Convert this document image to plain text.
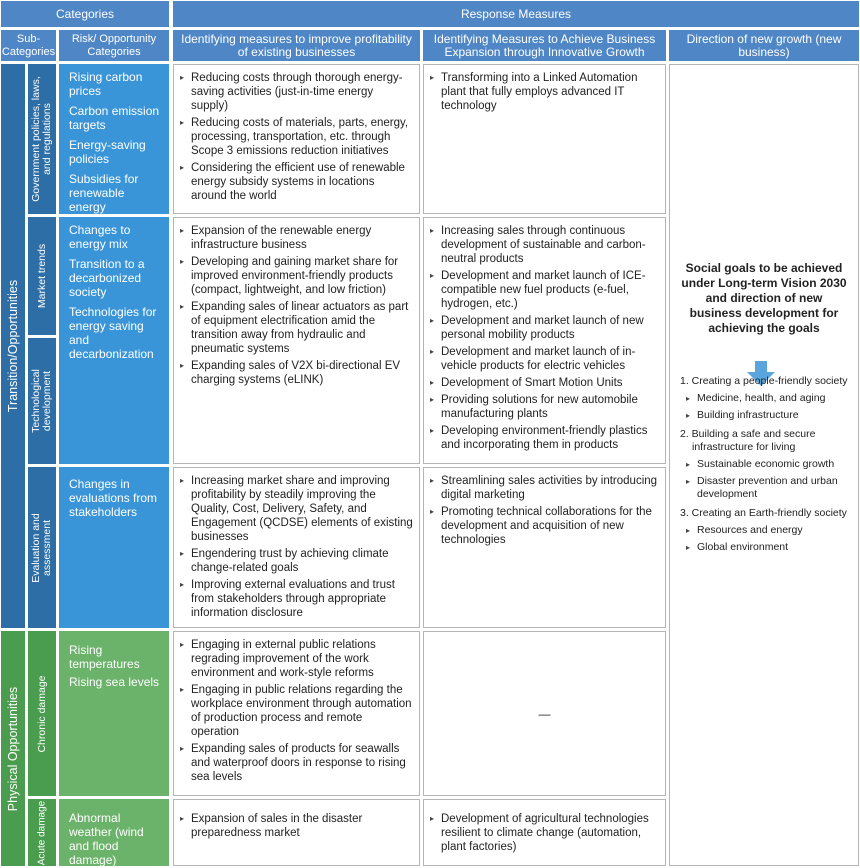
Categories	Response Measures
Sub-Categories
Risk/ Opportunity Categories
Identifying measures to improve profitability of existing businesses
Identifying Measures to Achieve Business Expansion through Innovative Growth
Direction of new growth (new business)
Transition/Opportunities
Physical Opportunities
Government policies, laws, and regulations
Market trends
Technological development
Evaluation and assessment
Chronic damage
Acute damage

Rising carbon prices

Carbon emission targets

Energy-saving policies

Subsidies for renewable energy

Changes to energy mix

Transition to a decarbonized society

Technologies for energy saving and decarbonization

Changes in evaluations from stakeholders

Rising temperatures

Rising sea levels

Abnormal weather (wind and flood damage)

▸ Reducing costs through thorough energy-saving activities (just-in-time energy supply)
▸ Reducing costs of materials, parts, energy, processing, transportation, etc. through Scope 3 emissions reduction initiatives
▸ Considering the efficient use of renewable energy subsidy systems in locations around the world
▸ Expansion of the renewable energy infrastructure business
▸ Developing and gaining market share for improved environment-friendly products (compact, lightweight, and low friction)
▸ Expanding sales of linear actuators as part of equipment electrification amid the transition away from hydraulic and pneumatic systems
▸ Expanding sales of V2X bi-directional EV charging systems (eLINK)
▸ Increasing market share and improving profitability by steadily improving the Quality, Cost, Delivery, Safety, and Engagement (QCDSE) elements of existing businesses
▸ Engendering trust by achieving climate change-related goals
▸ Improving external evaluations and trust from stakeholders through appropriate information disclosure
▸ Engaging in external public relations regrading improvement of the work environment and work-style reforms
▸ Engaging in public relations regarding the workplace environment through automation of production process and remote operation
▸ Expanding sales of products for seawalls and waterproof doors in response to rising sea levels
▸ Expansion of sales in the disaster preparedness market
▸ Transforming into a Linked Automation plant that fully employs advanced IT technology
▸ Increasing sales through continuous development of sustainable and carbon-neutral products
▸ Development and market launch of ICE-compatible new fuel products (e-fuel, hydrogen, etc.)
▸ Development and market launch of new personal mobility products
▸ Development and market launch of in-vehicle products for electric vehicles
▸ Development of Smart Motion Units
▸ Providing solutions for new automobile manufacturing plants
▸ Developing environment-friendly plastics and incorporating them in products
▸ Streamlining sales activities by introducing digital marketing
▸ Promoting technical collaborations for the development and acquisition of new technologies
—
▸ Development of agricultural technologies resilient to climate change (automation, plant factories)
Social goals to be achieved under Long-term Vision 2030 and direction of new business development for achieving the goals

1. Creating a people-friendly society

▸ Medicine, health, and aging
▸ Building infrastructure

2. Building a safe and secure infrastructure for living

▸ Sustainable economic growth
▸ Disaster prevention and urban development

3. Creating an Earth-friendly society

▸ Resources and energy
▸ Global environment
